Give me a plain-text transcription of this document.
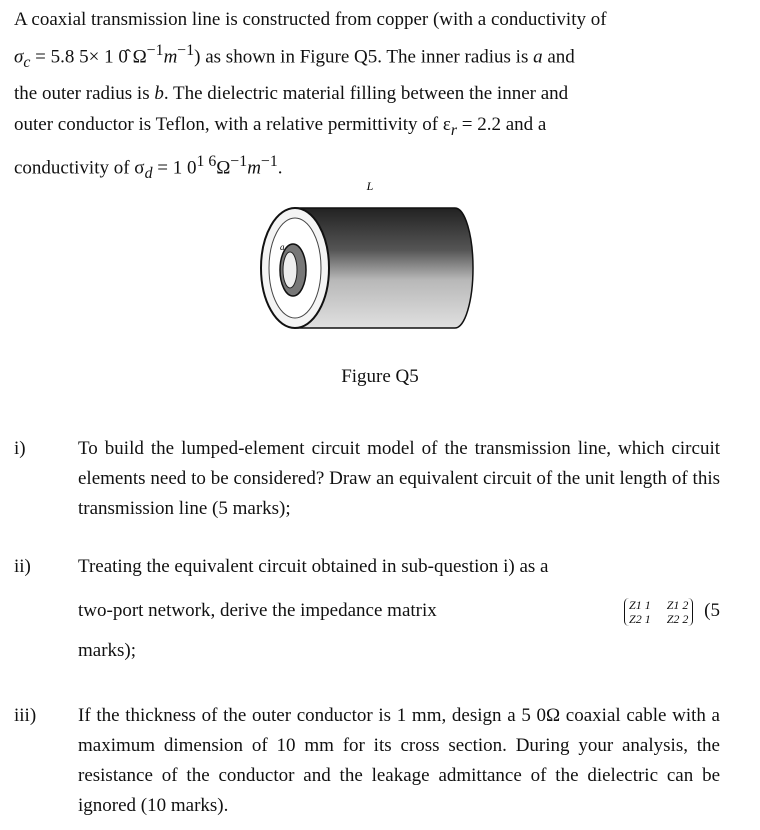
A coaxial transmission line is constructed from copper (with a conductivity of
$\sigma_c = 5.8$ 5× 1 0̂ $\Omega^{-1}m^{-1}$) as shown in Figure Q5. The inner radius is a and
the outer radius is b. The dielectric material filling between the inner and
outer conductor is Teflon, with a relative permittivity of $\varepsilon_r = 2.2$ and a
conductivity of $\sigma_d = 1$ $0^{1 6}\Omega^{-1}m^{-1}$.
L
a
Figure Q5
i)	To build the lumped-element circuit model of the transmission line, which circuit elements need to be considered? Draw an equivalent circuit of the unit length of this transmission line (5 marks);
ii) Treating the equivalent circuit obtained in sub-question i) as a
two-port network, derive the impedance matrix	Z1 1 Z1 2
Z2 1 Z2 2 (5
marks);
iii) If the thickness of the outer conductor is 1 mm, design a 5 0Ω coaxial cable with a maximum dimension of 10 mm for its cross section. During your analysis, the resistance of the conductor and the leakage admittance of the dielectric can be ignored (10 marks).
